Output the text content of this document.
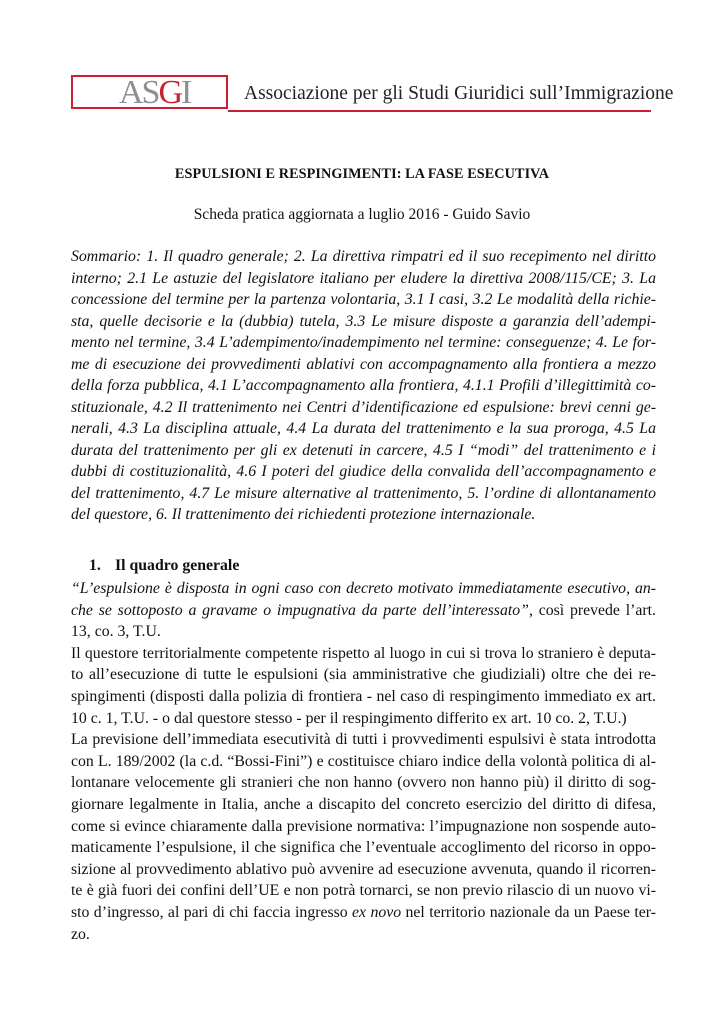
ASGI	Associazione per gli Studi Giuridici sull’Immigrazione
ESPULSIONI E RESPINGIMENTI: LA FASE ESECUTIVA
Scheda pratica aggiornata a luglio 2016 - Guido Savio
Sommario: 1. Il quadro generale; 2. La direttiva rimpatri ed il suo recepimento nel diritto
interno; 2.1 Le astuzie del legislatore italiano per eludere la direttiva 2008/115/CE; 3. La
concessione del termine per la partenza volontaria, 3.1 I casi, 3.2 Le modalità della richie-
sta, quelle decisorie e la (dubbia) tutela, 3.3 Le misure disposte a garanzia dell’adempi-
mento nel termine, 3.4 L’adempimento/inadempimento nel termine: conseguenze; 4. Le for-
me di esecuzione dei provvedimenti ablativi con accompagnamento alla frontiera a mezzo
della forza pubblica, 4.1 L’accompagnamento alla frontiera, 4.1.1 Profili d’illegittimità co-
stituzionale, 4.2 Il trattenimento nei Centri d’identificazione ed espulsione: brevi cenni ge-
nerali, 4.3 La disciplina attuale, 4.4 La durata del trattenimento e la sua proroga, 4.5 La
durata del trattenimento per gli ex detenuti in carcere, 4.5 I “modi” del trattenimento e i
dubbi di costituzionalità, 4.6 I poteri del giudice della convalida dell’accompagnamento e
del trattenimento, 4.7 Le misure alternative al trattenimento, 5. l’ordine di allontanamento
del questore, 6. Il trattenimento dei richiedenti protezione internazionale.
1. Il quadro generale
“L’espulsione è disposta in ogni caso con decreto motivato immediatamente esecutivo, an-
che se sottoposto a gravame o impugnativa da parte dell’interessato”, così prevede l’art.
13, co. 3, T.U.
Il questore territorialmente competente rispetto al luogo in cui si trova lo straniero è deputa-
to all’esecuzione di tutte le espulsioni (sia amministrative che giudiziali) oltre che dei re-
spingimenti (disposti dalla polizia di frontiera - nel caso di respingimento immediato ex art.
10 c. 1, T.U. - o dal questore stesso - per il respingimento differito ex art. 10 co. 2, T.U.)
La previsione dell’immediata esecutività di tutti i provvedimenti espulsivi è stata introdotta
con L. 189/2002 (la c.d. “Bossi-Fini”) e costituisce chiaro indice della volontà politica di al-
lontanare velocemente gli stranieri che non hanno (ovvero non hanno più) il diritto di sog-
giornare legalmente in Italia, anche a discapito del concreto esercizio del diritto di difesa,
come si evince chiaramente dalla previsione normativa: l’impugnazione non sospende auto-
maticamente l’espulsione, il che significa che l’eventuale accoglimento del ricorso in oppo-
sizione al provvedimento ablativo può avvenire ad esecuzione avvenuta, quando il ricorren-
te è già fuori dei confini dell’UE e non potrà tornarci, se non previo rilascio di un nuovo vi-
sto d’ingresso, al pari di chi faccia ingresso ex novo nel territorio nazionale da un Paese ter-
zo.
